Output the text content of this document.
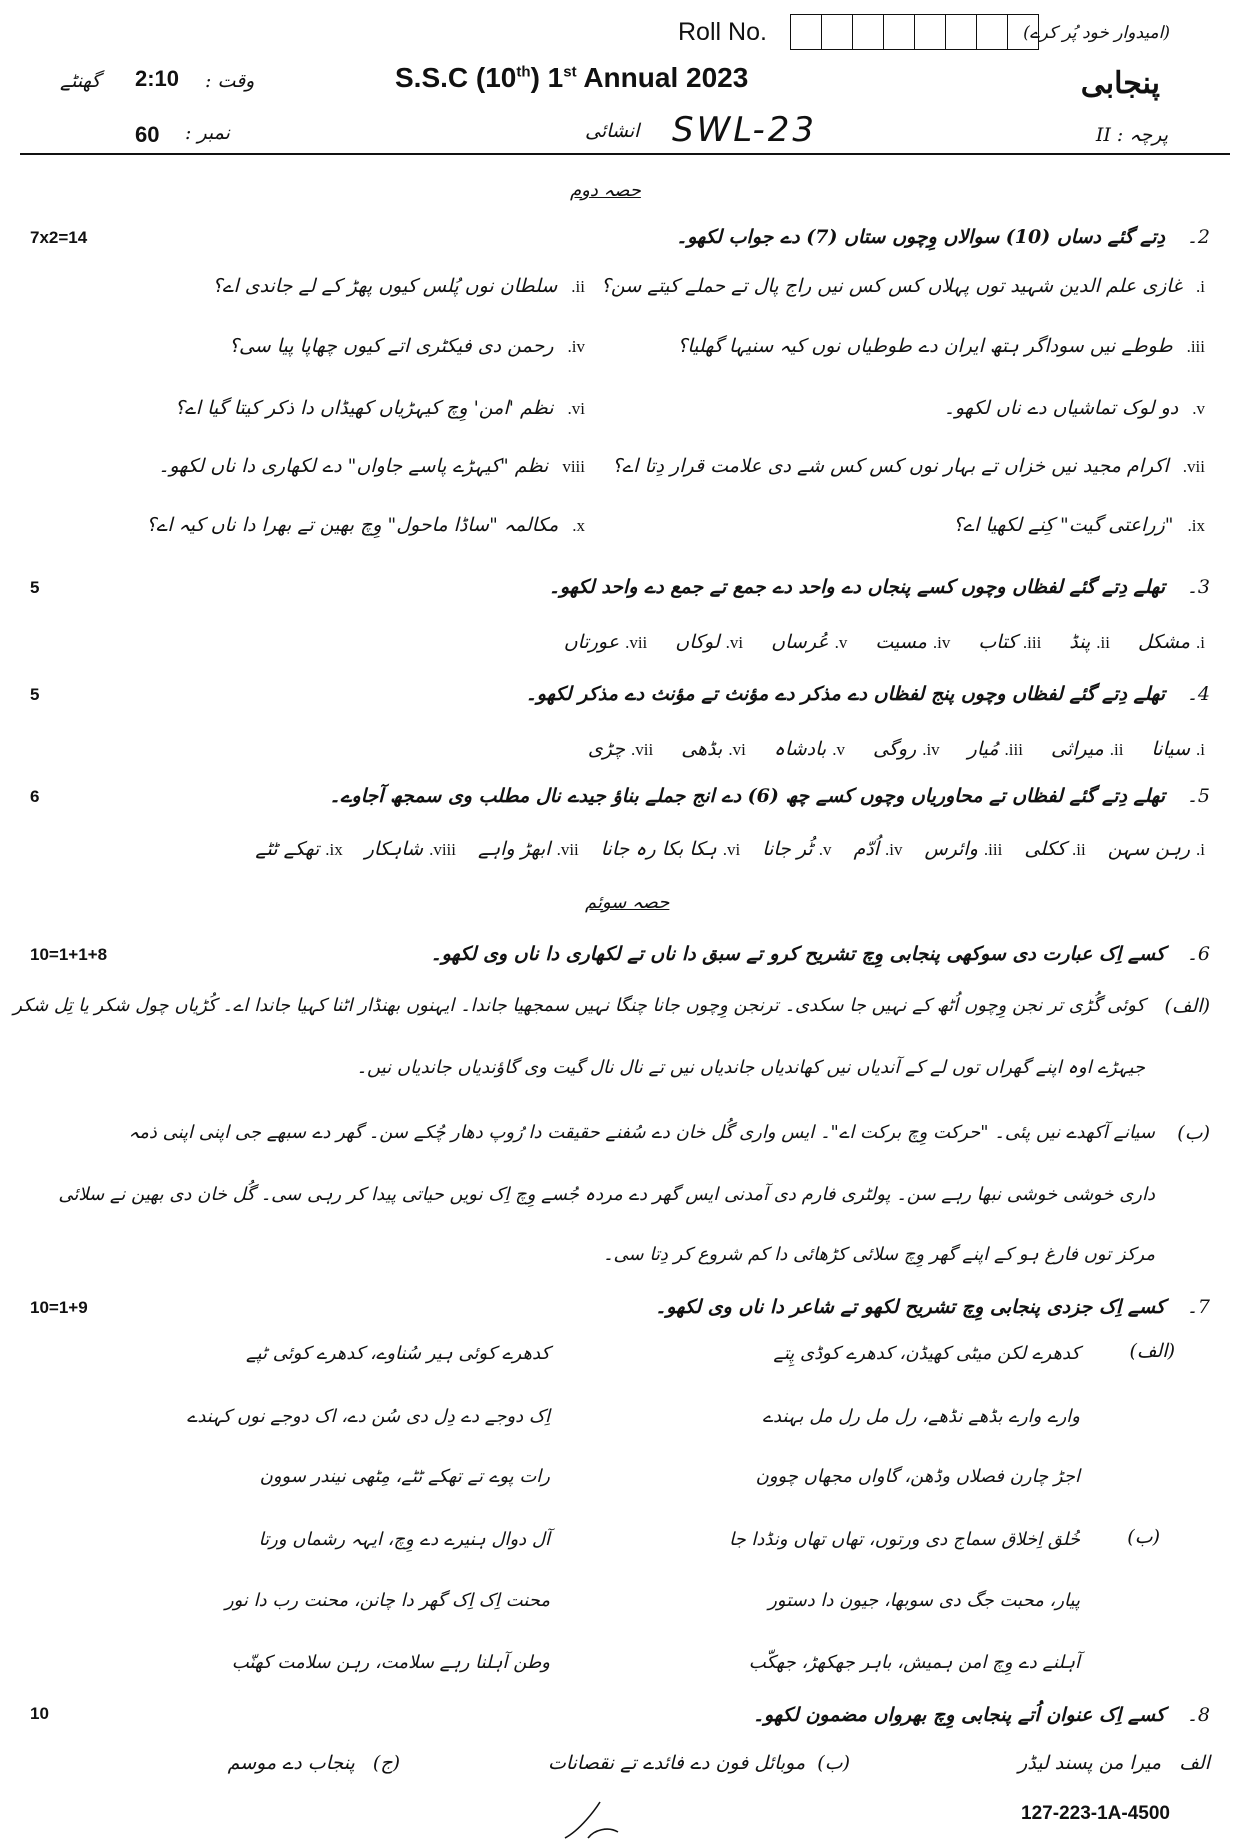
Roll No.	(امیدوار خود پُر کرے)
پنجابی
S.S.C (10th) 1st Annual 2023
وقت :
2:10
گھنٹے
نمبر :
60	انشائی SWL-23	پرچہ : II
حصہ دوم
7x2=14	2۔
دِتے گئے دساں (10) سوالاں وِچوں ستاں (7) دے جواب لکھو۔
i.غازی علم الدین شہید توں پہلاں کس کس نیں راج پال تے حملے کیتے سن؟
ii.سلطان نوں پُلس کیوں پھڑ کے لے جاندی اے؟
iii.طوطے نیں سوداگر ہتھ ایران دے طوطیاں نوں کیہ سنیہا گھلیا؟
iv.رحمن دی فیکٹری اتے کیوں چھاپا پیا سی؟
v.دو لوک تماشیاں دے ناں لکھو۔
vi.نظم 'امن' وِچ کیہڑیاں کھیڈاں دا ذکر کیتا گیا اے؟
vii.اکرام مجید نیں خزاں تے بہار نوں کس کس شے دی علامت قرار دِتا اے؟
viiiنظم "کیہڑے پاسے جاواں" دے لکھاری دا ناں لکھو۔
ix."زراعتی گیت" کِنے لکھیا اے؟
x.مکالمہ "ساڈا ماحول" وِچ بھین تے بھرا دا ناں کیہ اے؟
5	3۔
تھلے دِتے گئے لفظاں وچوں کسے پنجاں دے واحد دے جمع تے جمع دے واحد لکھو۔
i.مشکل
ii.پنڈ
iii.کتاب
iv.مسیت
v.عُرساں
vi.لوکاں
vii.عورتاں
5	4۔
تھلے دِتے گئے لفظاں وچوں پنج لفظاں دے مذکر دے مؤنث تے مؤنث دے مذکر لکھو۔
i.سیانا
ii.میراثی
iii.مُیار
iv.روگی
v.بادشاہ
vi.بڈھی
vii.چڑی
6	5۔
تھلے دِتے گئے لفظاں تے محاوریاں وچوں کسے چھ (6) دے انج جملے بناؤ جیدے نال مطلب وی سمجھ آجاوے۔
i.رہن سہن
ii.ککلی
iii.وائرس
iv.اُدّم
v.ٹُر جانا
vi.ہکا بکا رہ جانا
vii.ابھڑ واہے
viii.شاہکار
ix.تھکے ٹٹے
حصہ سوئم
10=1+1+8	6۔
کسے اِک عبارت دی سوکھی پنجابی وِچ تشریح کرو تے سبق دا ناں تے لکھاری دا ناں وی لکھو۔
(الف)
کوئی گُڑی تر نجن وِچوں اُٹھ کے نہیں جا سکدی۔ ترنجن وِچوں جانا چنگا نہیں سمجھیا جاندا۔ ایہنوں بھنڈار اٹنا کہیا جاندا اے۔ کُڑیاں چول شکر یا تِل شکر
جیہڑے اوہ اپنے گھراں توں لے کے آندیاں نیں کھاندیاں جاندیاں نیں تے نال نال گیت وی گاؤندیاں جاندیاں نیں۔
(ب)
سیانے آکھدے نیں پئی۔ "حرکت وِچ برکت اے"۔ ایس واری گُل خان دے سُفنے حقیقت دا رُوپ دھار چُکے سن۔ گھر دے سبھے جی اپنی اپنی ذمہ
داری خوشی خوشی نبھا رہے سن۔ پولٹری فارم دی آمدنی ایس گھر دے مردہ جُسے وِچ اِک نویں حیاتی پیدا کر رہی سی۔ گُل خان دی بھین نے سلائی
مرکز توں فارغ ہو کے اپنے گھر وِچ سلائی کڑھائی دا کم شروع کر دِتا سی۔
10=1+9	7۔
کسے اِک جزدی پنجابی وِچ تشریح لکھو تے شاعر دا ناں وی لکھو۔
(الف)
کدھرے لکن میٹی کھیڈن، کدھرے کوڈی پِتے
کدھرے کوئی ہیر سُناوے، کدھرے کوئی ٹپے
وارے وارے بڈھے نڈھے، رل مل رل مل بہندے
اِک دوجے دے دِل دی سُن دے، اک دوجے نوں کہندے
اجڑ چارن فصلاں وڈھن، گاواں مجھاں چوون
رات پوے تے تھکے ٹٹے، مِٹھی نیندر سوون
(ب)
خُلق اِخلاق سماج دی ورتوں، تھاں تھاں ونڈدا جا
آل دوال ہنیرے دے وِچ، ایہہ رشماں ورتا
پیار، محبت جگ دی سوبھا، جیون دا دستور
محنت اِک اِک گھر دا چانن، محنت رب دا نور
آہلنے دے وِچ امن ہمیش، باہر جھکھڑ، جھکّب
وطن آہلنا رہے سلامت، رہن سلامت کھنّب
10	8۔
کسے اِک عنوان اُتے پنجابی وِچ بھرواں مضمون لکھو۔
الف   میرا من پسند لیڈر
(ب)  موبائل فون دے فائدے تے نقصانات
(ج)   پنجاب دے موسم
127-223-1A-4500
